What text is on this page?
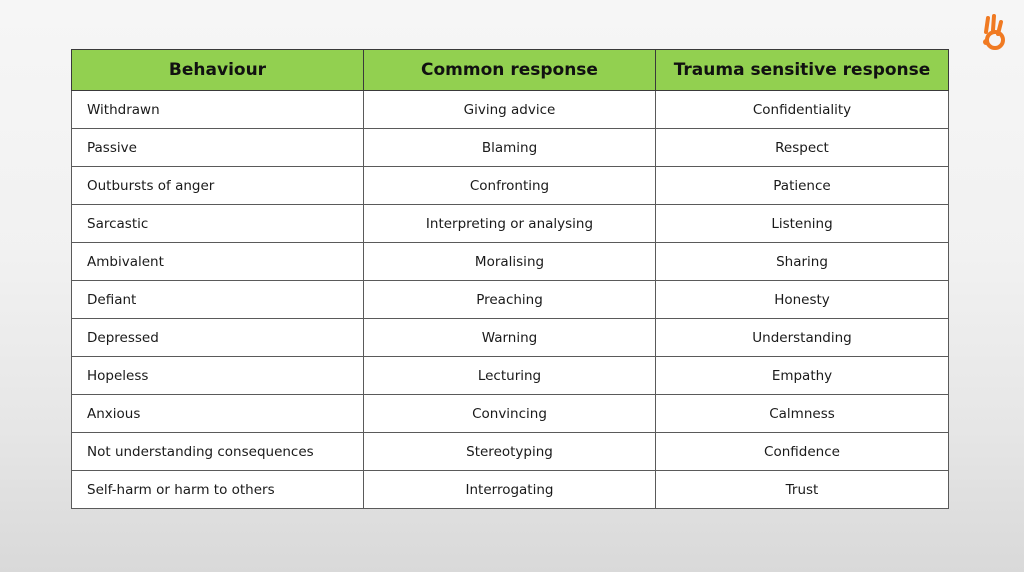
Behaviour	Common response	Trauma sensitive response
Withdrawn	Giving advice	Confidentiality
Passive	Blaming	Respect
Outbursts of anger	Confronting	Patience
Sarcastic	Interpreting or analysing	Listening
Ambivalent	Moralising	Sharing
Defiant	Preaching	Honesty
Depressed	Warning	Understanding
Hopeless	Lecturing	Empathy
Anxious	Convincing	Calmness
Not understanding consequences	Stereotyping	Confidence
Self-harm or harm to others	Interrogating	Trust
